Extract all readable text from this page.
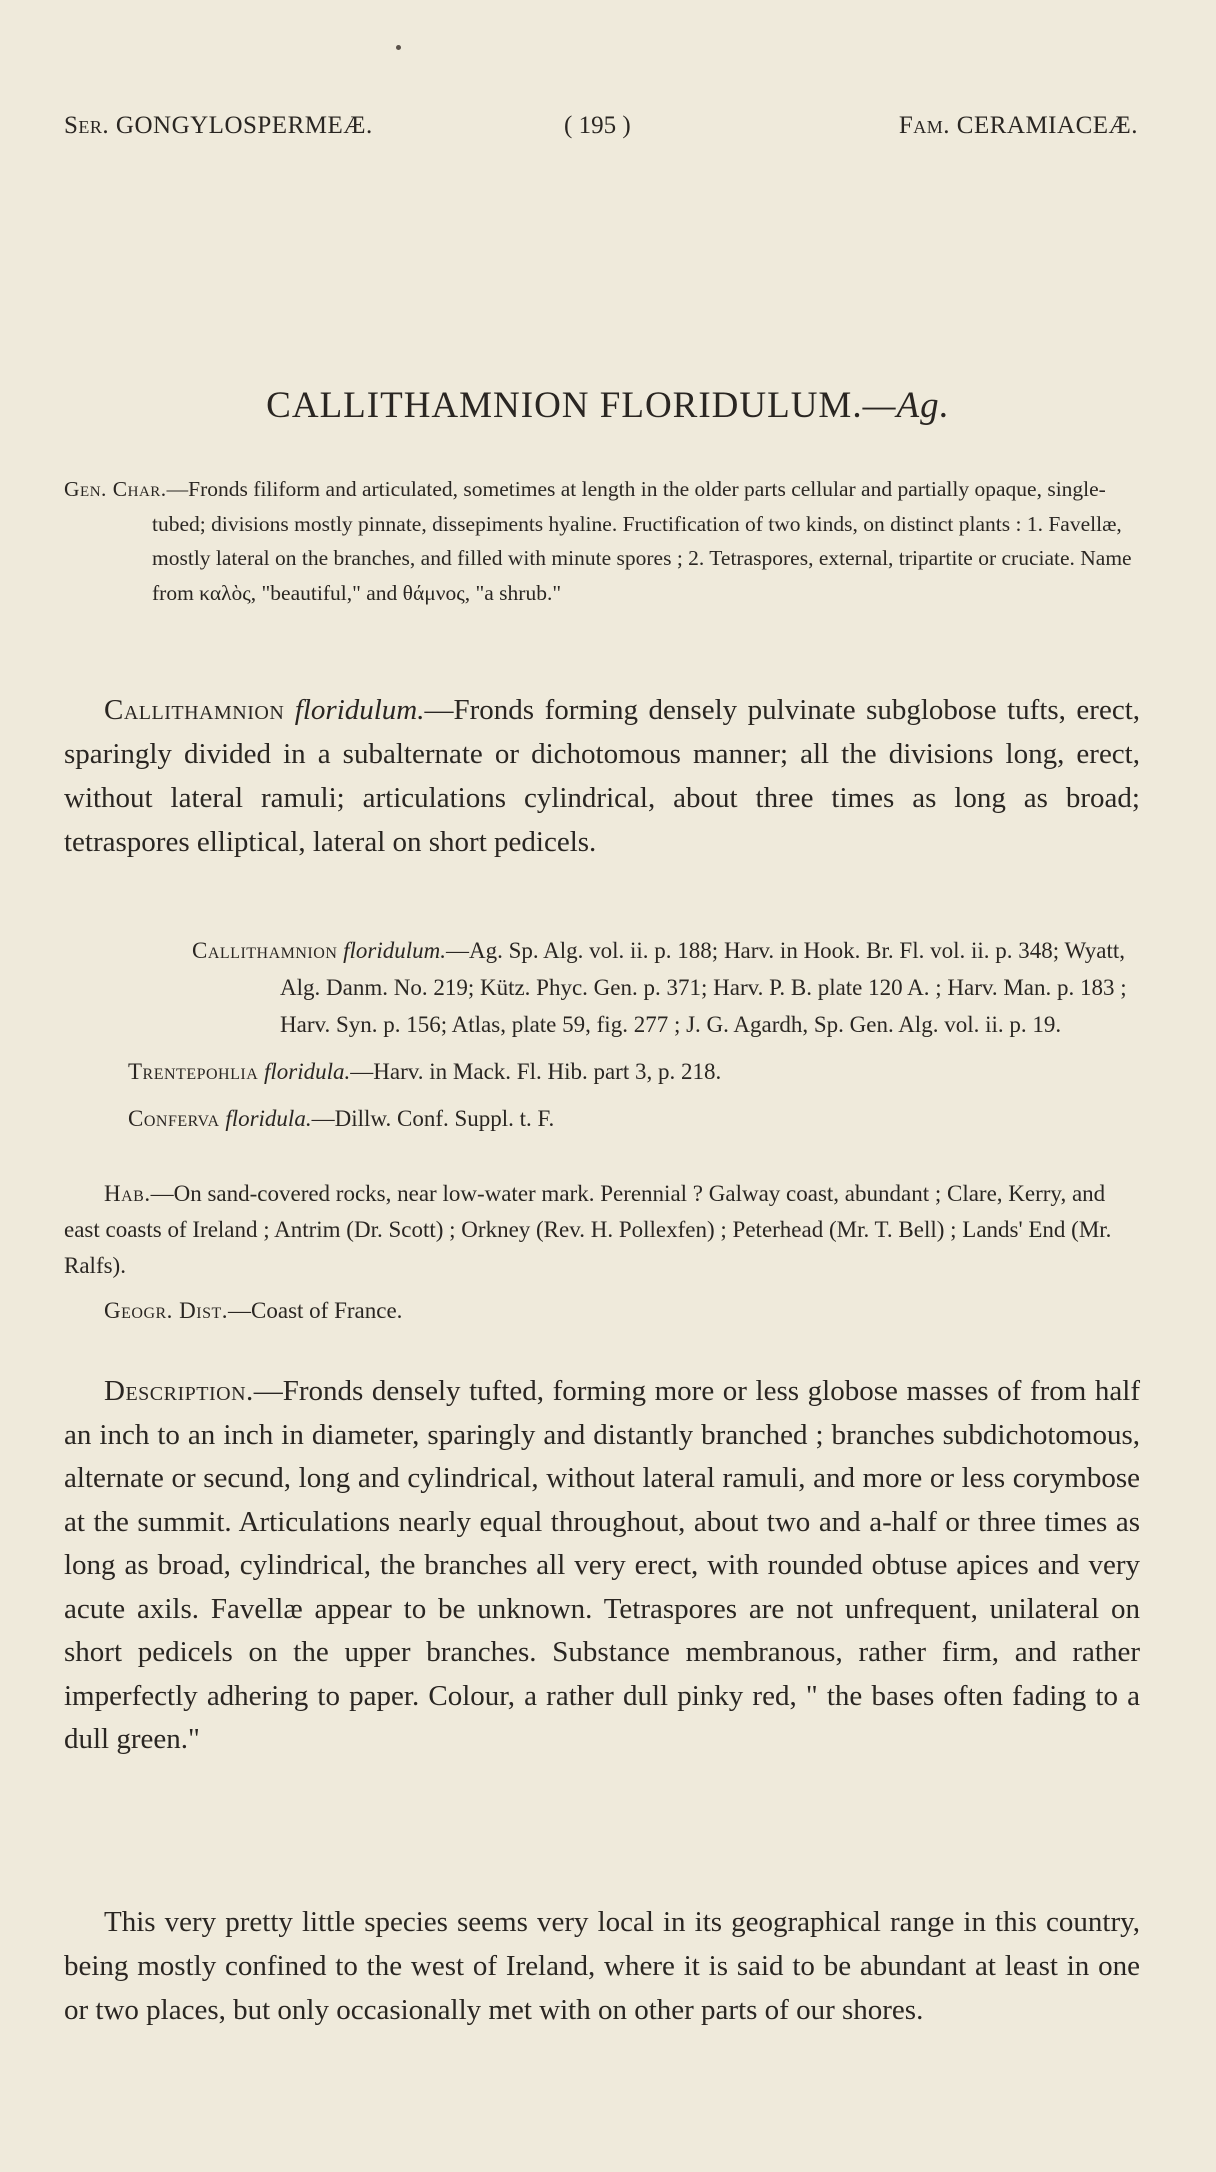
Ser. GONGYLOSPERMEÆ.	( 195 )	Fam. CERAMIACEÆ.
CALLITHAMNION FLORIDULUM.—Ag.

Gen. Char.—Fronds filiform and articulated, sometimes at length in the older parts cellular and partially opaque, single-tubed; divisions mostly pinnate, dissepiments hyaline. Fructification of two kinds, on distinct plants : 1. Favellæ, mostly lateral on the branches, and filled with minute spores ; 2. Tetraspores, external, tripartite or cruciate. Name from καλὸς, "beautiful," and θάμνος, "a shrub."

Callithamnion floridulum.—Fronds forming densely pulvinate subglobose tufts, erect, sparingly divided in a subalternate or dichotomous manner; all the divisions long, erect, without lateral ramuli; articulations cylindrical, about three times as long as broad; tetraspores elliptical, lateral on short pedicels.

Callithamnion floridulum.—Ag. Sp. Alg. vol. ii. p. 188; Harv. in Hook. Br. Fl. vol. ii. p. 348; Wyatt, Alg. Danm. No. 219; Kütz. Phyc. Gen. p. 371; Harv. P. B. plate 120 A. ; Harv. Man. p. 183 ; Harv. Syn. p. 156; Atlas, plate 59, fig. 277 ; J. G. Agardh, Sp. Gen. Alg. vol. ii. p. 19.

Trentepohlia floridula.—Harv. in Mack. Fl. Hib. part 3, p. 218.

Conferva floridula.—Dillw. Conf. Suppl. t. F.

Hab.—On sand-covered rocks, near low-water mark. Perennial ? Galway coast, abundant ; Clare, Kerry, and east coasts of Ireland ; Antrim (Dr. Scott) ; Orkney (Rev. H. Pollexfen) ; Peterhead (Mr. T. Bell) ; Lands' End (Mr. Ralfs).

Geogr. Dist.—Coast of France.

Description.—Fronds densely tufted, forming more or less globose masses of from half an inch to an inch in diameter, sparingly and distantly branched ; branches subdichotomous, alternate or secund, long and cylindrical, without lateral ramuli, and more or less corymbose at the summit. Articulations nearly equal throughout, about two and a-half or three times as long as broad, cylindrical, the branches all very erect, with rounded obtuse apices and very acute axils. Favellæ appear to be unknown. Tetraspores are not unfrequent, unilateral on short pedicels on the upper branches. Substance membranous, rather firm, and rather imperfectly adhering to paper. Colour, a rather dull pinky red, " the bases often fading to a dull green."

This very pretty little species seems very local in its geographical range in this country, being mostly confined to the west of Ireland, where it is said to be abundant at least in one or two places, but only occasionally met with on other parts of our shores.
